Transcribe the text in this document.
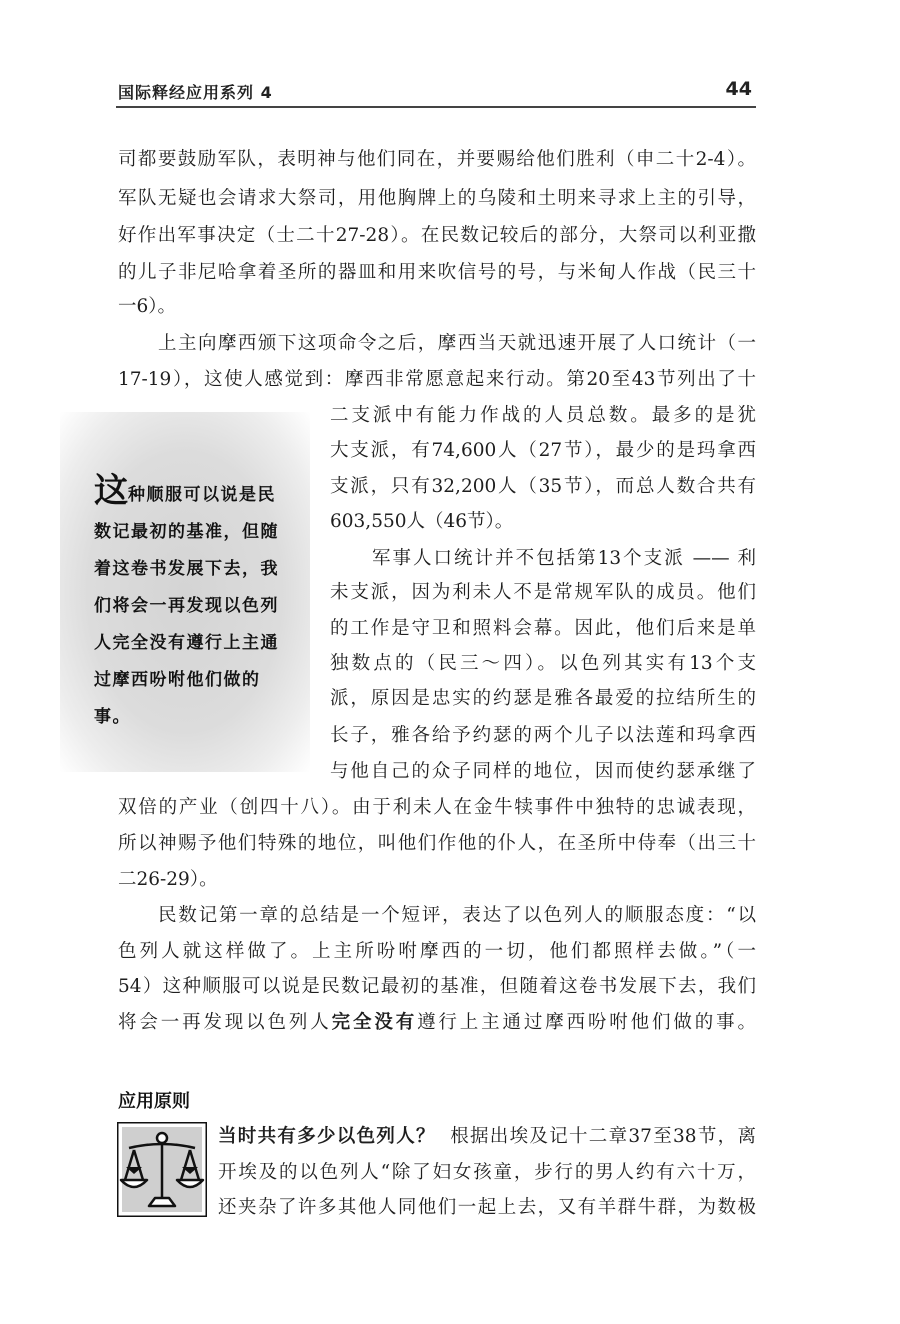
国际释经应用系列 4	44
司都要鼓励军队，表明神与他们同在，并要赐给他们胜利（申二十2-4）。
军队无疑也会请求大祭司，用他胸牌上的乌陵和土明来寻求上主的引导，
好作出军事决定（士二十27-28）。在民数记较后的部分，大祭司以利亚撒
的儿子非尼哈拿着圣所的器皿和用来吹信号的号，与米甸人作战（民三十
一6）。
上主向摩西颁下这项命令之后，摩西当天就迅速开展了人口统计（一
17-19），这使人感觉到：摩西非常愿意起来行动。第20至43节列出了十
二支派中有能力作战的人员总数。最多的是犹
大支派，有74,600人（27节），最少的是玛拿西
支派，只有32,200人（35节），而总人数合共有
603,550人（46节）。
这种顺服可以说是民数记最初的基准，但随着这卷书发展下去，我们将会一再发现以色列人完全没有遵行上主通过摩西吩咐他们做的事。
军事人口统计并不包括第13个支派 —— 利
未支派，因为利未人不是常规军队的成员。他们
的工作是守卫和照料会幕。因此，他们后来是单
独数点的（民三～四）。以色列其实有13个支
派，原因是忠实的约瑟是雅各最爱的拉结所生的
长子，雅各给予约瑟的两个儿子以法莲和玛拿西
与他自己的众子同样的地位，因而使约瑟承继了
双倍的产业（创四十八）。由于利未人在金牛犊事件中独特的忠诚表现，
所以神赐予他们特殊的地位，叫他们作他的仆人，在圣所中侍奉（出三十
二26-29）。
民数记第一章的总结是一个短评，表达了以色列人的顺服态度：“以
色列人就这样做了。上主所吩咐摩西的一切，他们都照样去做。”（一
54）这种顺服可以说是民数记最初的基准，但随着这卷书发展下去，我们
将会一再发现以色列人完全没有遵行上主通过摩西吩咐他们做的事。
应用原则
当时共有多少以色列人？ 根据出埃及记十二章37至38节，离
开埃及的以色列人“除了妇女孩童，步行的男人约有六十万，
还夹杂了许多其他人同他们一起上去，又有羊群牛群，为数极
